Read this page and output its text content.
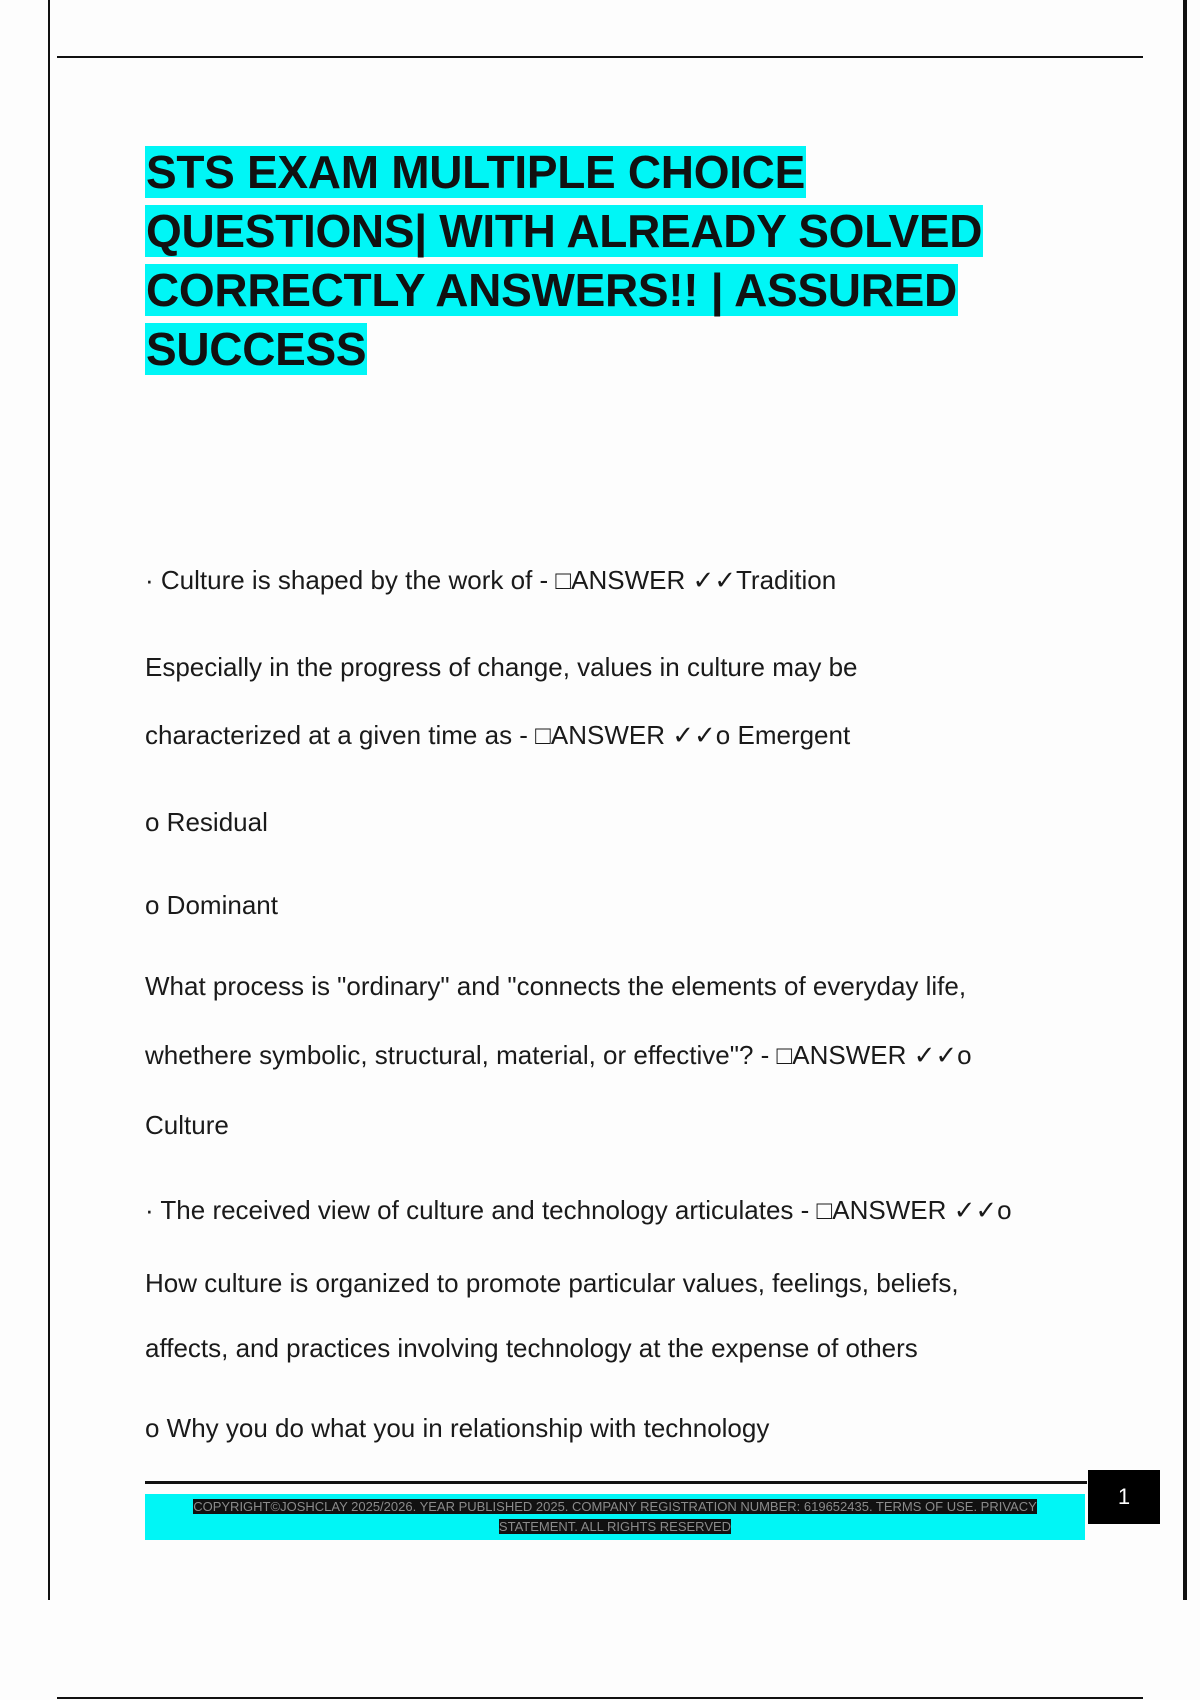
STS EXAM MULTIPLE CHOICE
QUESTIONS| WITH ALREADY SOLVED
CORRECTLY ANSWERS!! | ASSURED
SUCCESS

· Culture is shaped by the work of - □ANSWER ✓✓Tradition

Especially in the progress of change, values in culture may be

characterized at a given time as - □ANSWER ✓✓o Emergent

o Residual

o Dominant

What process is "ordinary" and "connects the elements of everyday life,

whethere symbolic, structural, material, or effective"? - □ANSWER ✓✓o

Culture

· The received view of culture and technology articulates - □ANSWER ✓✓o

How culture is organized to promote particular values, feelings, beliefs,

affects, and practices involving technology at the expense of others

o Why you do what you in relationship with technology

COPYRIGHT©JOSHCLAY 2025/2026. YEAR PUBLISHED 2025. COMPANY REGISTRATION NUMBER: 619652435. TERMS OF USE. PRIVACY
STATEMENT. ALL RIGHTS RESERVED
1
